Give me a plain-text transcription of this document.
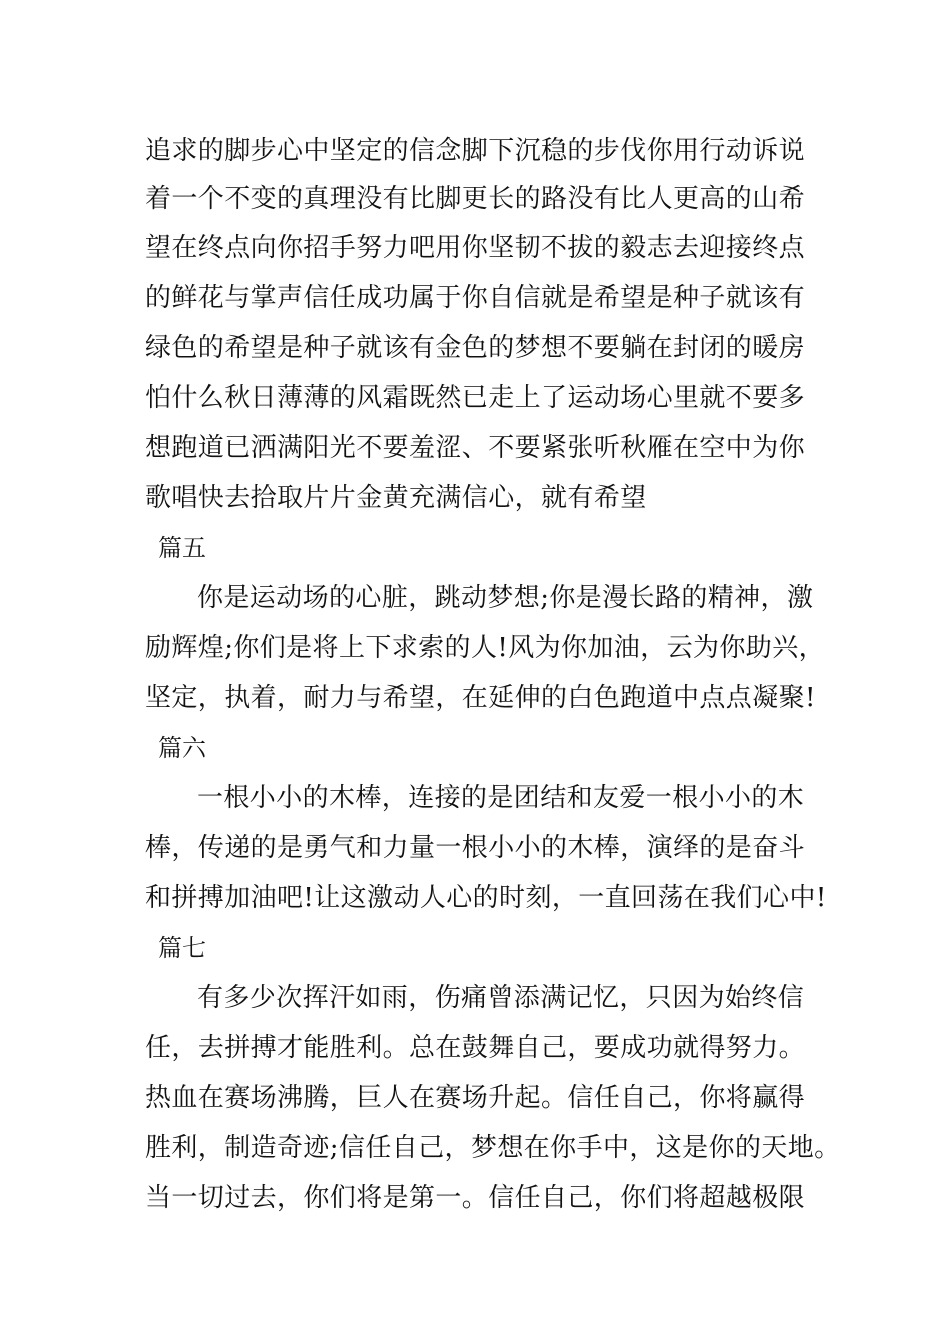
追求的脚步心中坚定的信念脚下沉稳的步伐你用行动诉说
着一个不变的真理没有比脚更长的路没有比人更高的山希
望在终点向你招手努力吧用你坚韧不拔的毅志去迎接终点
的鲜花与掌声信任成功属于你自信就是希望是种子就该有
绿色的希望是种子就该有金色的梦想不要躺在封闭的暖房
怕什么秋日薄薄的风霜既然已走上了运动场心里就不要多
想跑道已洒满阳光不要羞涩、不要紧张听秋雁在空中为你
歌唱快去拾取片片金黄充满信心，就有希望
篇五
你是运动场的心脏，跳动梦想;你是漫长路的精神，激
励辉煌;你们是将上下求索的人!风为你加油，云为你助兴，
坚定，执着，耐力与希望，在延伸的白色跑道中点点凝聚!
篇六
一根小小的木棒，连接的是团结和友爱一根小小的木
棒，传递的是勇气和力量一根小小的木棒，演绎的是奋斗
和拼搏加油吧!让这激动人心的时刻，一直回荡在我们心中!
篇七
有多少次挥汗如雨，伤痛曾添满记忆，只因为始终信
任，去拼搏才能胜利。总在鼓舞自己，要成功就得努力。
热血在赛场沸腾，巨人在赛场升起。信任自己，你将赢得
胜利，制造奇迹;信任自己，梦想在你手中，这是你的天地。
当一切过去，你们将是第一。信任自己，你们将超越极限
